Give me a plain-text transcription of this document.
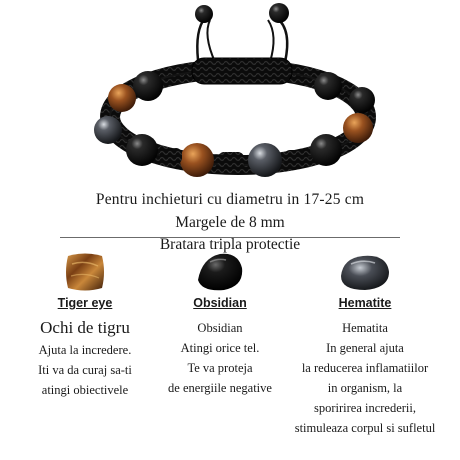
Pentru inchieturi cu diametru in 17-25 cm
Margele de 8 mm
Bratara tripla protectie
Tiger eye
Ochi de tigru
Ajuta la incredere.
Iti va da curaj sa-ti
atingi obiectivele
Obsidian
Obsidian
Atingi orice tel.
Te va proteja
de energiile negative
Hematite
Hematita
In general ajuta
la reducerea inflamatiilor
in organism, la
sporirirea increderii,
stimuleaza corpul si sufletul
